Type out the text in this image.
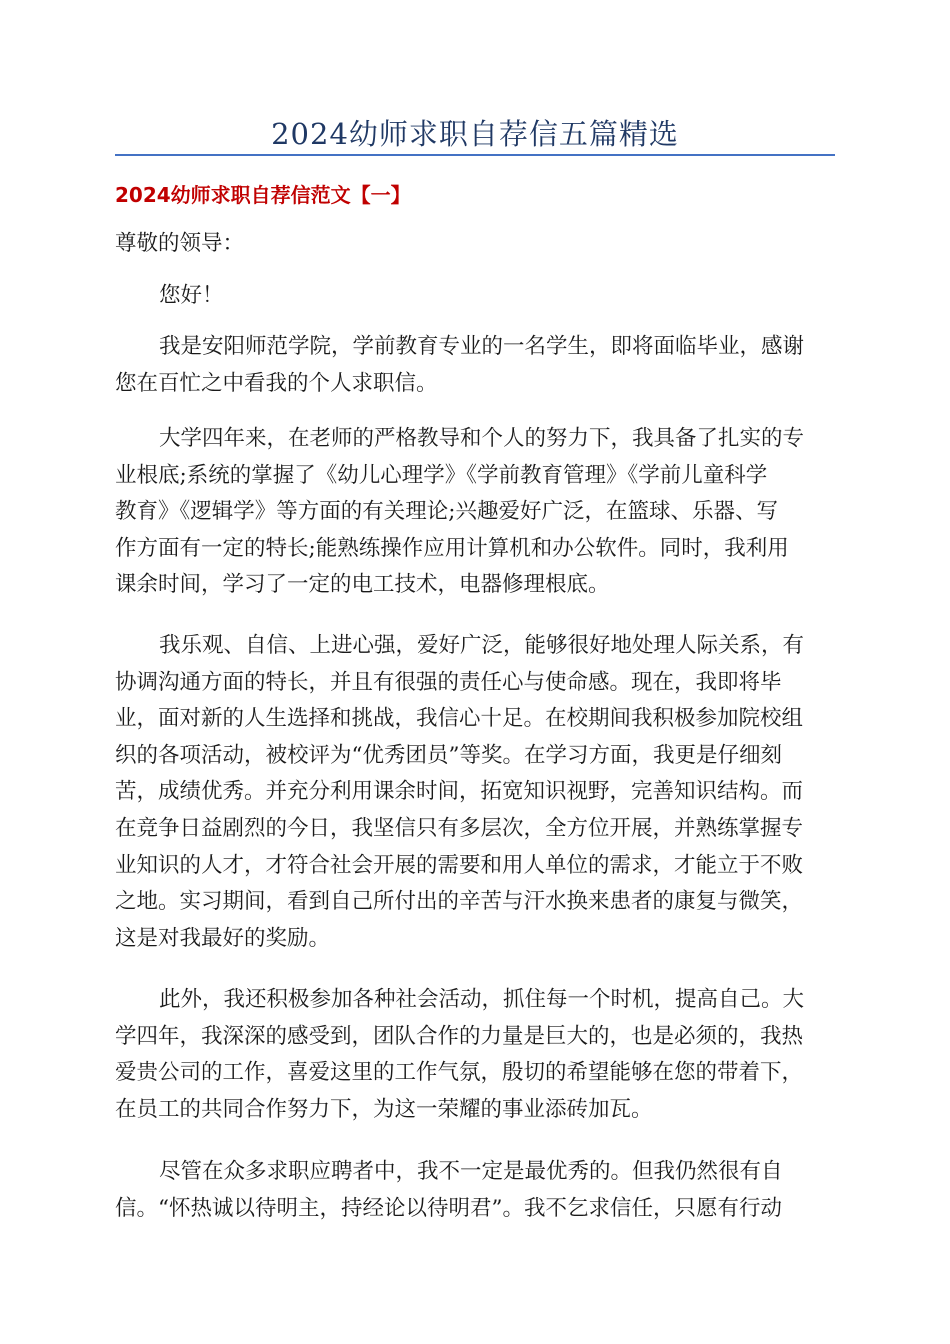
2024幼师求职自荐信五篇精选
2024幼师求职自荐信范文【一】
尊敬的领导：
您好！
我是安阳师范学院，学前教育专业的一名学生，即将面临毕业，感谢
您在百忙之中看我的个人求职信。
大学四年来，在老师的严格教导和个人的努力下，我具备了扎实的专
业根底;系统的掌握了《幼儿心理学》《学前教育管理》《学前儿童科学
教育》《逻辑学》等方面的有关理论;兴趣爱好广泛，在篮球、乐器、写
作方面有一定的特长;能熟练操作应用计算机和办公软件。同时，我利用
课余时间，学习了一定的电工技术，电器修理根底。
我乐观、自信、上进心强，爱好广泛，能够很好地处理人际关系，有
协调沟通方面的特长，并且有很强的责任心与使命感。现在，我即将毕
业，面对新的人生选择和挑战，我信心十足。在校期间我积极参加院校组
织的各项活动，被校评为“优秀团员”等奖。在学习方面，我更是仔细刻
苦，成绩优秀。并充分利用课余时间，拓宽知识视野，完善知识结构。而
在竞争日益剧烈的今日，我坚信只有多层次，全方位开展，并熟练掌握专
业知识的人才，才符合社会开展的需要和用人单位的需求，才能立于不败
之地。实习期间，看到自己所付出的辛苦与汗水换来患者的康复与微笑，
这是对我最好的奖励。
此外，我还积极参加各种社会活动，抓住每一个时机，提高自己。大
学四年，我深深的感受到，团队合作的力量是巨大的，也是必须的，我热
爱贵公司的工作，喜爱这里的工作气氛，殷切的希望能够在您的带着下，
在员工的共同合作努力下，为这一荣耀的事业添砖加瓦。
尽管在众多求职应聘者中，我不一定是最优秀的。但我仍然很有自
信。“怀热诚以待明主，持经论以待明君”。我不乞求信任，只愿有行动
